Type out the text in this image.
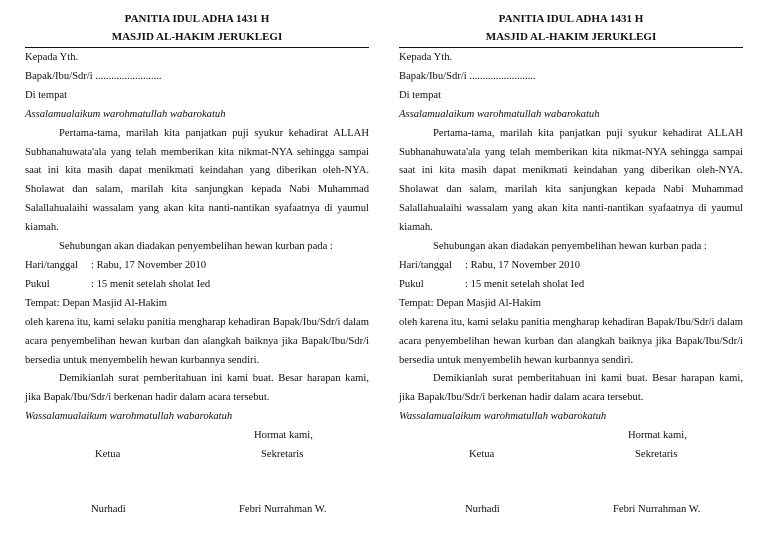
PANITIA IDUL ADHA 1431 H

MASJID AL-HAKIM JERUKLEGI

Kepada Yth.

Bapak/Ibu/Sdr/i .........................

Di tempat

Assalamualaikum warohmatullah wabarokatuh

Pertama-tama, marilah kita panjatkan puji syukur kehadirat ALLAH Subhanahuwata'ala yang telah memberikan kita nikmat-NYA sehingga sampai saat ini kita masih dapat menikmati keindahan yang diberikan oleh-NYA. Sholawat dan salam, marilah kita sanjungkan kepada Nabi Muhammad Salallahualaihi wassalam yang akan kita nanti-nantikan syafaatnya di yaumul kiamah.

Sehubungan akan diadakan penyembelihan hewan kurban pada :

Hari/tanggal	: Rabu, 17 November 2010
Pukul	: 15 menit setelah sholat Ied

Tempat: Depan Masjid Al-Hakim

oleh karena itu, kami selaku panitia mengharap kehadiran Bapak/Ibu/Sdr/i dalam acara penyembelihan hewan kurban dan alangkah baiknya jika Bapak/Ibu/Sdr/i bersedia untuk menyembelih hewan kurbannya sendiri.

Demikianlah surat pemberitahuan ini kami buat. Besar harapan kami, jika Bapak/Ibu/Sdr/i berkenan hadir dalam acara tersebut.

Wassalamualaikum warohmatullah wabarokatuh

Hormat kami,
Ketua	Sekretaris
Nurhadi	Febri Nurrahman W.

PANITIA IDUL ADHA 1431 H

MASJID AL-HAKIM JERUKLEGI

Kepada Yth.

Bapak/Ibu/Sdr/i .........................

Di tempat

Assalamualaikum warohmatullah wabarokatuh

Pertama-tama, marilah kita panjatkan puji syukur kehadirat ALLAH Subhanahuwata'ala yang telah memberikan kita nikmat-NYA sehingga sampai saat ini kita masih dapat menikmati keindahan yang diberikan oleh-NYA. Sholawat dan salam, marilah kita sanjungkan kepada Nabi Muhammad Salallahualaihi wassalam yang akan kita nanti-nantikan syafaatnya di yaumul kiamah.

Sehubungan akan diadakan penyembelihan hewan kurban pada :

Hari/tanggal	: Rabu, 17 November 2010
Pukul	: 15 menit setelah sholat Ied

Tempat: Depan Masjid Al-Hakim

oleh karena itu, kami selaku panitia mengharap kehadiran Bapak/Ibu/Sdr/i dalam acara penyembelihan hewan kurban dan alangkah baiknya jika Bapak/Ibu/Sdr/i bersedia untuk menyembelih hewan kurbannya sendiri.

Demikianlah surat pemberitahuan ini kami buat. Besar harapan kami, jika Bapak/Ibu/Sdr/i berkenan hadir dalam acara tersebut.

Wassalamualaikum warohmatullah wabarokatuh

Hormat kami,
Ketua	Sekretaris
Nurhadi	Febri Nurrahman W.
